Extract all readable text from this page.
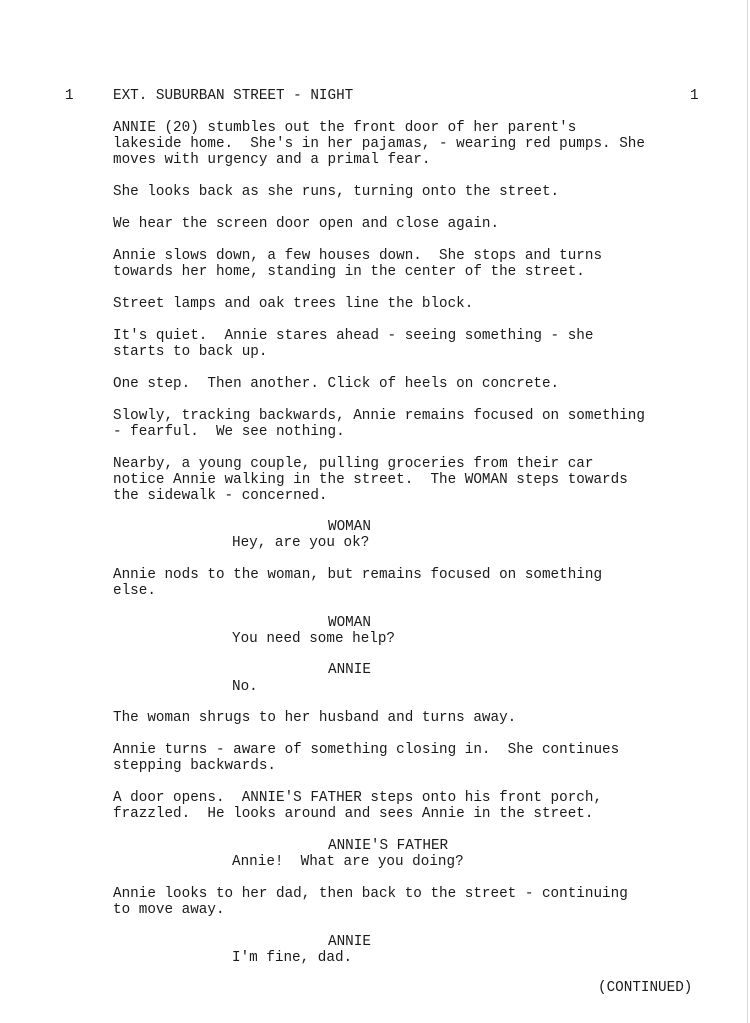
1	EXT. SUBURBAN STREET - NIGHT	1
ANNIE (20) stumbles out the front door of her parent's
lakeside home.  She's in her pajamas, - wearing red pumps. She
moves with urgency and a primal fear.
She looks back as she runs, turning onto the street.
We hear the screen door open and close again.
Annie slows down, a few houses down.  She stops and turns
towards her home, standing in the center of the street.
Street lamps and oak trees line the block.
It's quiet.  Annie stares ahead - seeing something - she
starts to back up.
One step.  Then another. Click of heels on concrete.
Slowly, tracking backwards, Annie remains focused on something
- fearful.  We see nothing.
Nearby, a young couple, pulling groceries from their car
notice Annie walking in the street.  The WOMAN steps towards
the sidewalk - concerned.
WOMAN
Hey, are you ok?
Annie nods to the woman, but remains focused on something
else.
WOMAN
You need some help?
ANNIE
No.
The woman shrugs to her husband and turns away.
Annie turns - aware of something closing in.  She continues
stepping backwards.
A door opens.  ANNIE'S FATHER steps onto his front porch,
frazzled.  He looks around and sees Annie in the street.
ANNIE'S FATHER
Annie!  What are you doing?
Annie looks to her dad, then back to the street - continuing
to move away.
ANNIE
I'm fine, dad.
(CONTINUED)
